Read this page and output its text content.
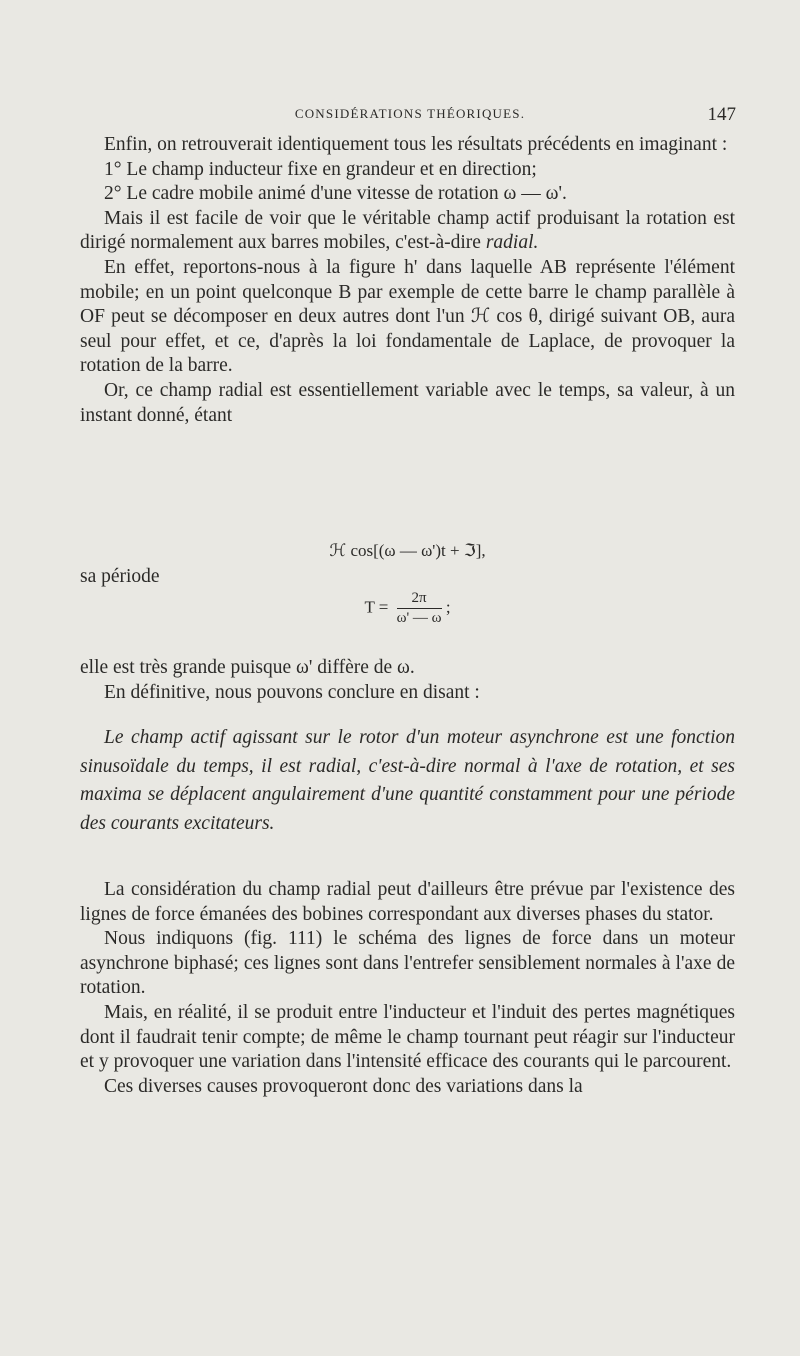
CONSIDÉRATIONS THÉORIQUES.	147

Enfin, on retrouverait identiquement tous les résultats précédents en imaginant :

1° Le champ inducteur fixe en grandeur et en direction;

2° Le cadre mobile animé d'une vitesse de rotation ω — ω'.

Mais il est facile de voir que le véritable champ actif produisant la rotation est dirigé normalement aux barres mobiles, c'est-à-dire radial.

En effet, reportons-nous à la figure h' dans laquelle AB représente l'élément mobile; en un point quelconque B par exemple de cette barre le champ parallèle à OF peut se décomposer en deux autres dont l'un ℋ cos θ, dirigé suivant OB, aura seul pour effet, et ce, d'après la loi fondamentale de Laplace, de provoquer la rotation de la barre.

Or, ce champ radial est essentiellement variable avec le temps, sa valeur, à un instant donné, étant

ℋ cos[(ω — ω')t + ℑ],
sa période
$T = \frac{2\pi}{\omega' — \omega}$ ;

elle est très grande puisque ω' diffère de ω.

En définitive, nous pouvons conclure en disant :

Le champ actif agissant sur le rotor d'un moteur asynchrone est une fonction sinusoïdale du temps, il est radial, c'est-à-dire normal à l'axe de rotation, et ses maxima se déplacent angulairement d'une quantité constamment pour une période des courants excitateurs.

La considération du champ radial peut d'ailleurs être prévue par l'existence des lignes de force émanées des bobines correspondant aux diverses phases du stator.

Nous indiquons (fig. 111) le schéma des lignes de force dans un moteur asynchrone biphasé; ces lignes sont dans l'entrefer sensiblement normales à l'axe de rotation.

Mais, en réalité, il se produit entre l'inducteur et l'induit des pertes magnétiques dont il faudrait tenir compte; de même le champ tournant peut réagir sur l'inducteur et y provoquer une variation dans l'intensité efficace des courants qui le parcourent.

Ces diverses causes provoqueront donc des variations dans la
